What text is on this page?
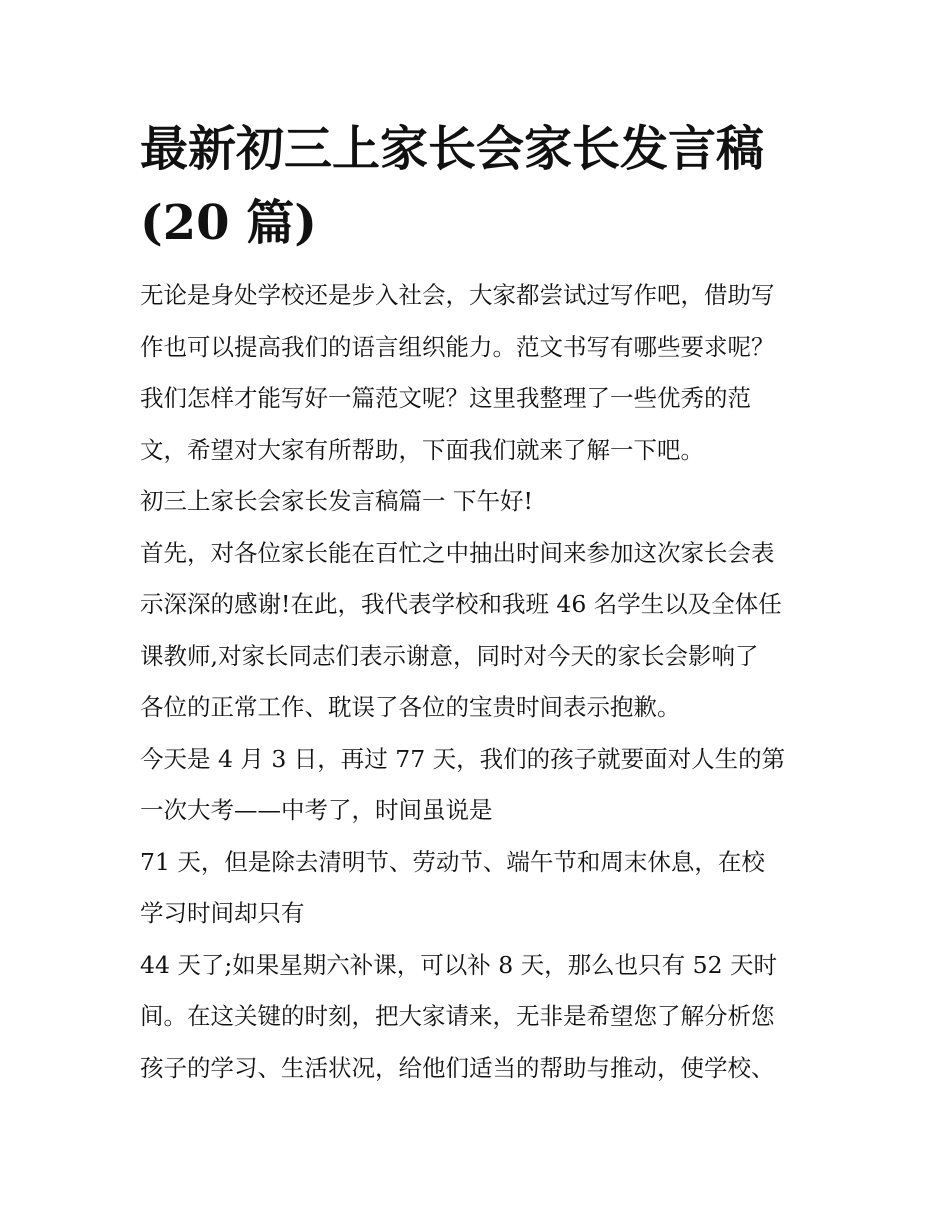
最新初三上家长会家长发言稿
(20 篇)
无论是身处学校还是步入社会，大家都尝试过写作吧，借助写
作也可以提高我们的语言组织能力。范文书写有哪些要求呢？
我们怎样才能写好一篇范文呢？这里我整理了一些优秀的范
文，希望对大家有所帮助，下面我们就来了解一下吧。
初三上家长会家长发言稿篇一 下午好!
首先，对各位家长能在百忙之中抽出时间来参加这次家长会表
示深深的感谢!在此，我代表学校和我班 46 名学生以及全体任
课教师,对家长同志们表示谢意，同时对今天的家长会影响了
各位的正常工作、耽误了各位的宝贵时间表示抱歉。
今天是 4 月 3 日，再过 77 天，我们的孩子就要面对人生的第
一次大考——中考了，时间虽说是
71 天，但是除去清明节、劳动节、端午节和周末休息，在校
学习时间却只有
44 天了;如果星期六补课，可以补 8 天，那么也只有 52 天时
间。在这关键的时刻，把大家请来，无非是希望您了解分析您
孩子的学习、生活状况，给他们适当的帮助与推动，使学校、
